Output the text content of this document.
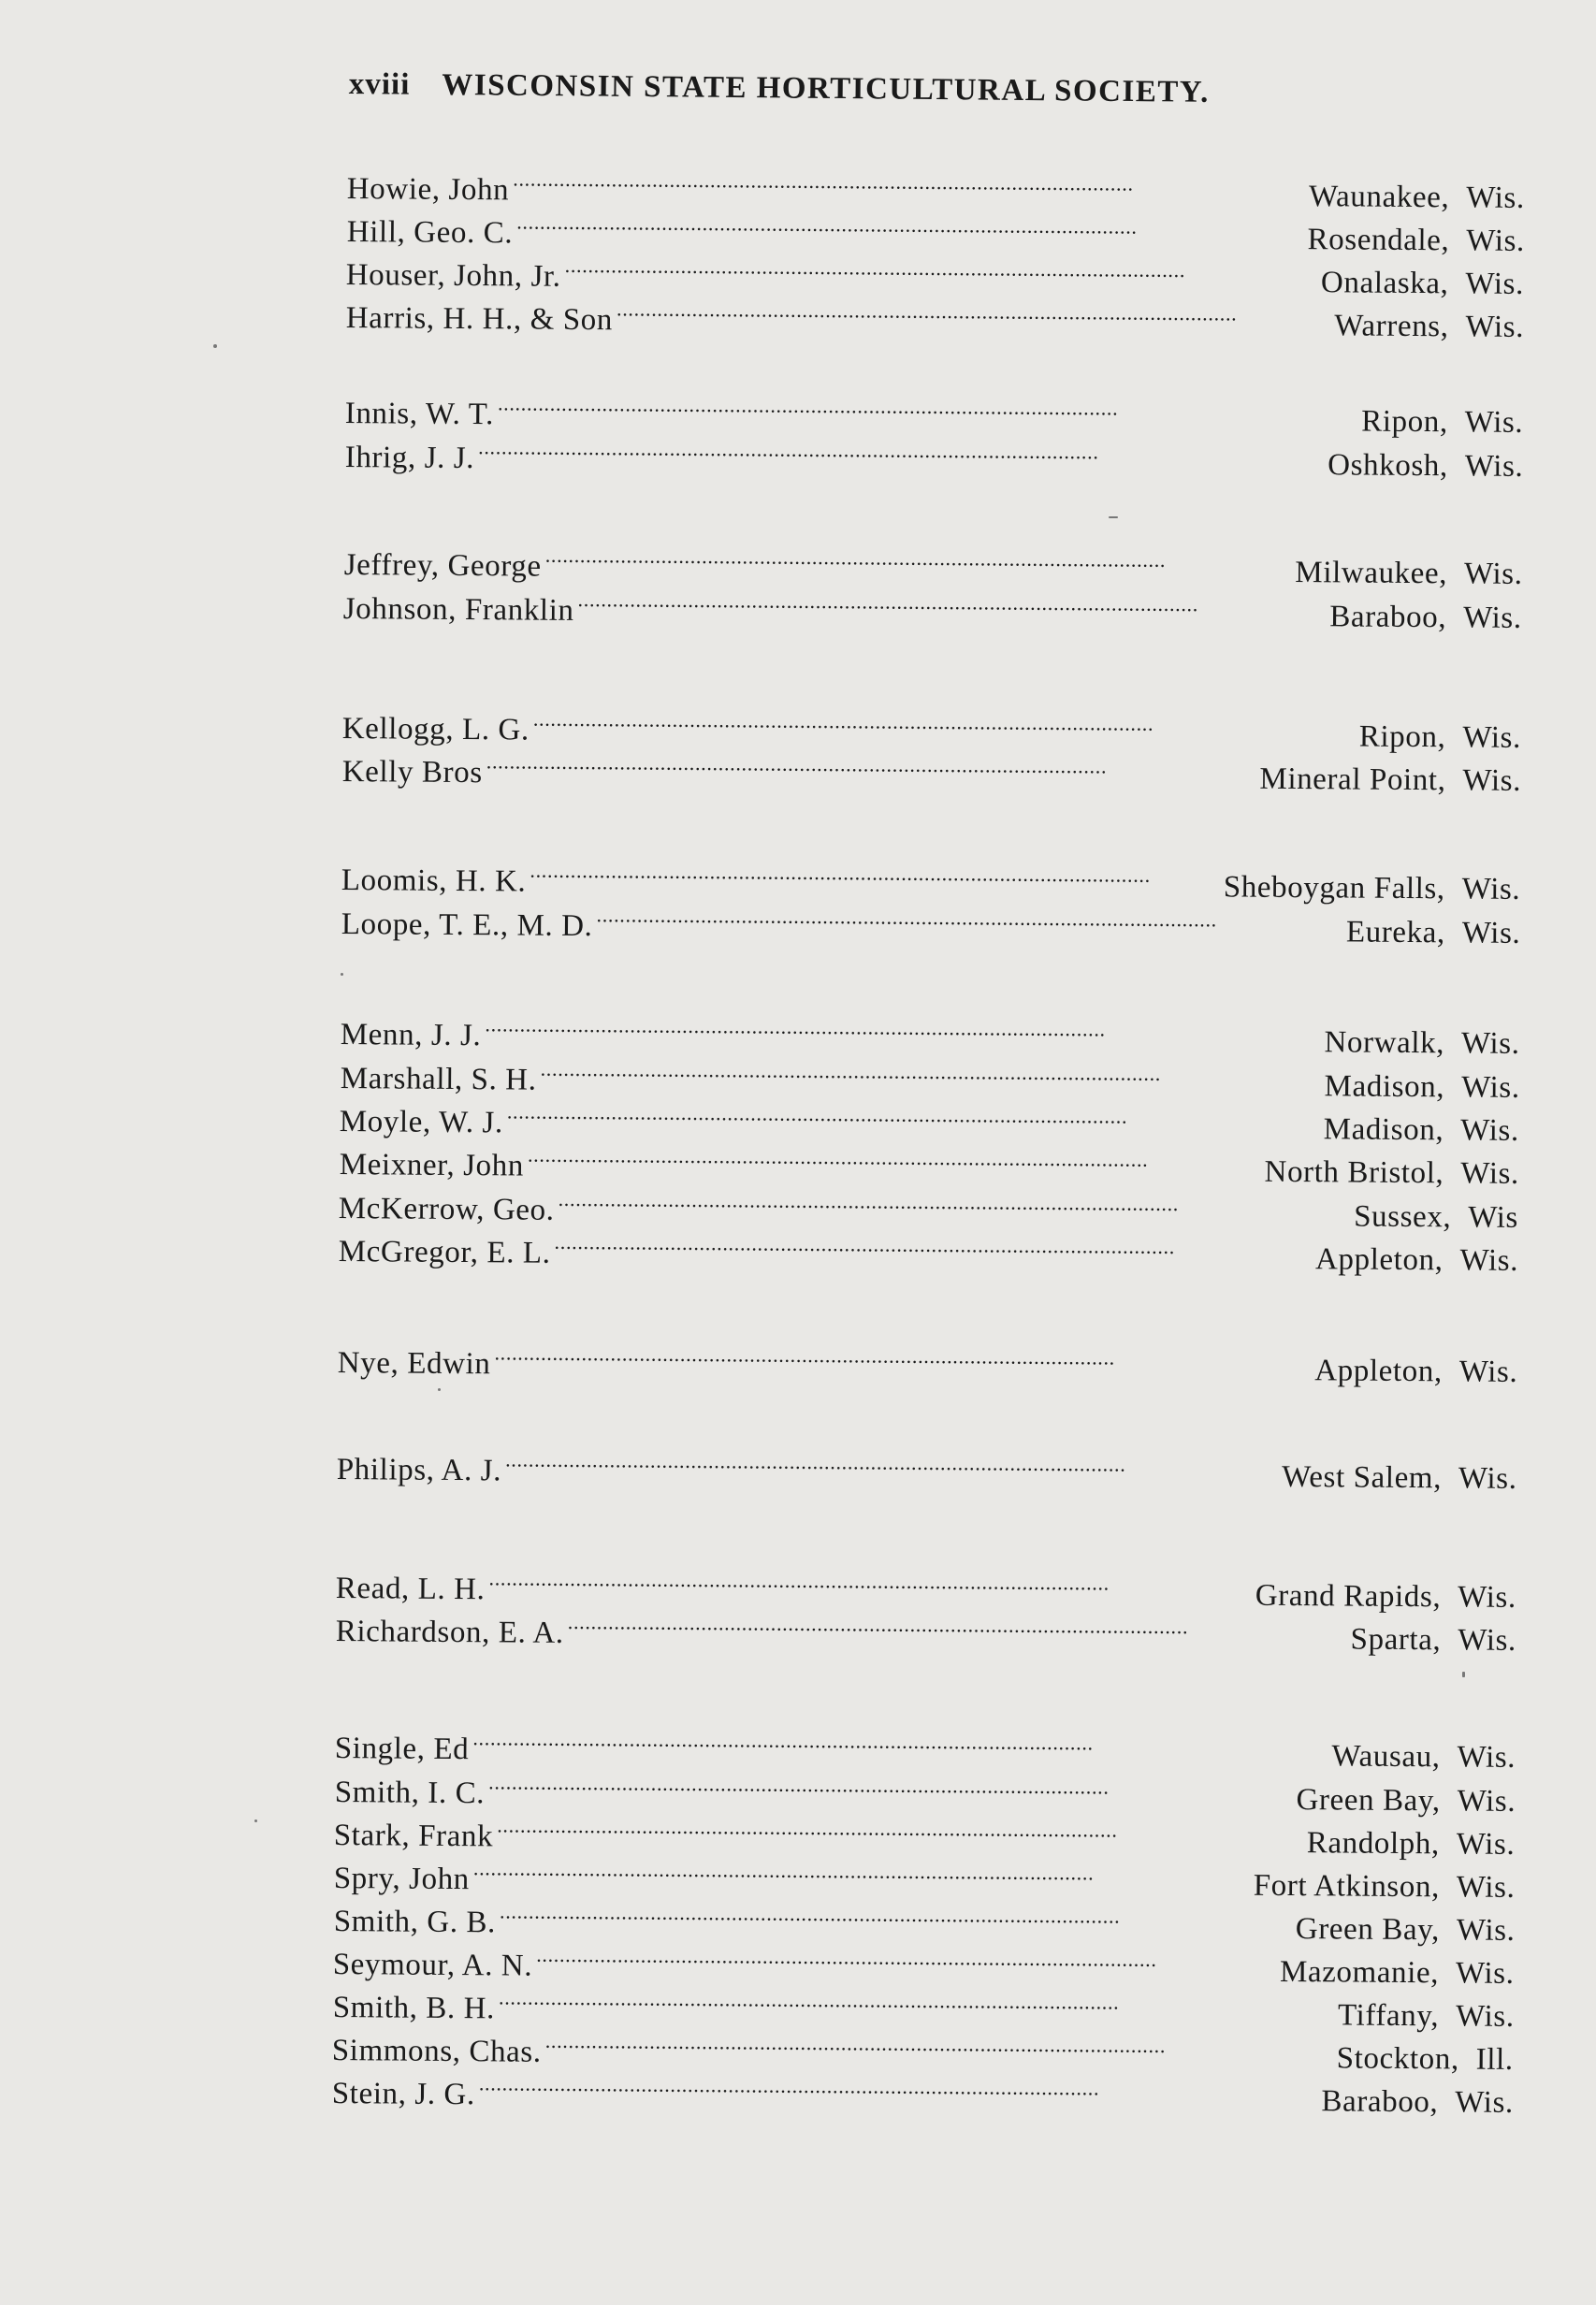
xviii WISCONSIN STATE HORTICULTURAL SOCIETY.
Howie, John . . .	Waunakee, Wis.
Hill, Geo. C. . . .	Rosendale, Wis.
Houser, John, Jr. . . .	Onalaska, Wis.
Harris, H. H., & Son . . .	Warrens, Wis.
Innis, W. T. . . .	Ripon, Wis.
Ihrig, J. J. . . .	Oshkosh, Wis.
Jeffrey, George . . .	Milwaukee, Wis.
Johnson, Franklin . . .	Baraboo, Wis.
Kellogg, L. G. . . .	Ripon, Wis.
Kelly Bros . . .	Mineral Point, Wis.
Loomis, H. K. . . .	Sheboygan Falls, Wis.
Loope, T. E., M. D. . . .	Eureka, Wis.
Menn, J. J. . . .	Norwalk, Wis.
Marshall, S. H. . . .	Madison, Wis.
Moyle, W. J. . . .	Madison, Wis.
Meixner, John . . .	North Bristol, Wis.
McKerrow, Geo. . . .	Sussex, Wis
McGregor, E. L. . . .	Appleton, Wis.
Nye, Edwin . . .	Appleton, Wis.
Philips, A. J. . . .	West Salem, Wis.
Read, L. H. . . .	Grand Rapids, Wis.
Richardson, E. A. . . .	Sparta, Wis.
Single, Ed . . .	Wausau, Wis.
Smith, I. C. . . .	Green Bay, Wis.
Stark, Frank . . .	Randolph, Wis.
Spry, John . . .	Fort Atkinson, Wis.
Smith, G. B. . . .	Green Bay, Wis.
Seymour, A. N. . . .	Mazomanie, Wis.
Smith, B. H. . . .	Tiffany, Wis.
Simmons, Chas. . . .	Stockton, Ill.
Stein, J. G. . . .	Baraboo, Wis.
